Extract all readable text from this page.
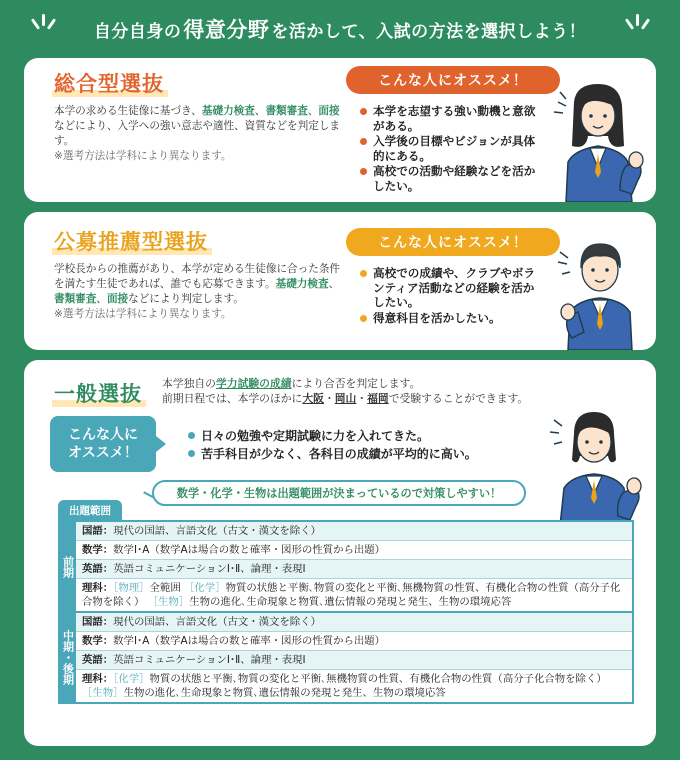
自分自身の 得意分野 を活かして、入試の方法を選択しよう！
総合型選抜
本学の求める生徒像に基づき、基礎力検査、書類審査、面接などにより、入学への強い意志や適性、資質などを判定します。
※選考方法は学科により異なります。
こんな人にオススメ！
本学を志望する強い動機と意欲がある。
入学後の目標やビジョンが具体的にある。
高校での活動や経験などを活かしたい。
公募推薦型選抜
学校長からの推薦があり、本学が定める生徒像に合った条件を満たす生徒であれば、誰でも応募できます。基礎力検査、書類審査、面接などにより判定します。
※選考方法は学科により異なります。
こんな人にオススメ！
高校での成績や、クラブやボランティア活動などの経験を活かしたい。
得意科目を活かしたい。
一般選抜 本学独自の学力試験の成績により合否を判定します。
前期日程では、本学のほかに大阪・岡山・福岡で受験することができます。
こんな人に
オススメ！
日々の勉強や定期試験に力を入れてきた。
苦手科目が少なく、各科目の成績が平均的に高い。
数学・化学・生物は出題範囲が決まっているので対策しやすい！
出題範囲
前期
国語：現代の国語、言語文化（古文・漢文を除く）
数学：数学Ⅰ･A（数学Aは場合の数と確率・図形の性質から出題）
英語：英語コミュニケーションⅠ･Ⅱ、論理・表現Ⅰ
理科：［物理］全範囲 ［化学］物質の状態と平衡､物質の変化と平衡､無機物質の性質、有機化合物の性質（高分子化合物を除く） ［生物］生物の進化､生命現象と物質､遺伝情報の発現と発生、生物の環境応答
中期・後期
国語：現代の国語、言語文化（古文・漢文を除く）
数学：数学Ⅰ･A（数学Aは場合の数と確率・図形の性質から出題）
英語：英語コミュニケーションⅠ･Ⅱ、論理・表現Ⅰ
理科：［化学］物質の状態と平衡､物質の変化と平衡､無機物質の性質、有機化合物の性質（高分子化合物を除く） ［生物］生物の進化､生命現象と物質､遺伝情報の発現と発生、生物の環境応答
